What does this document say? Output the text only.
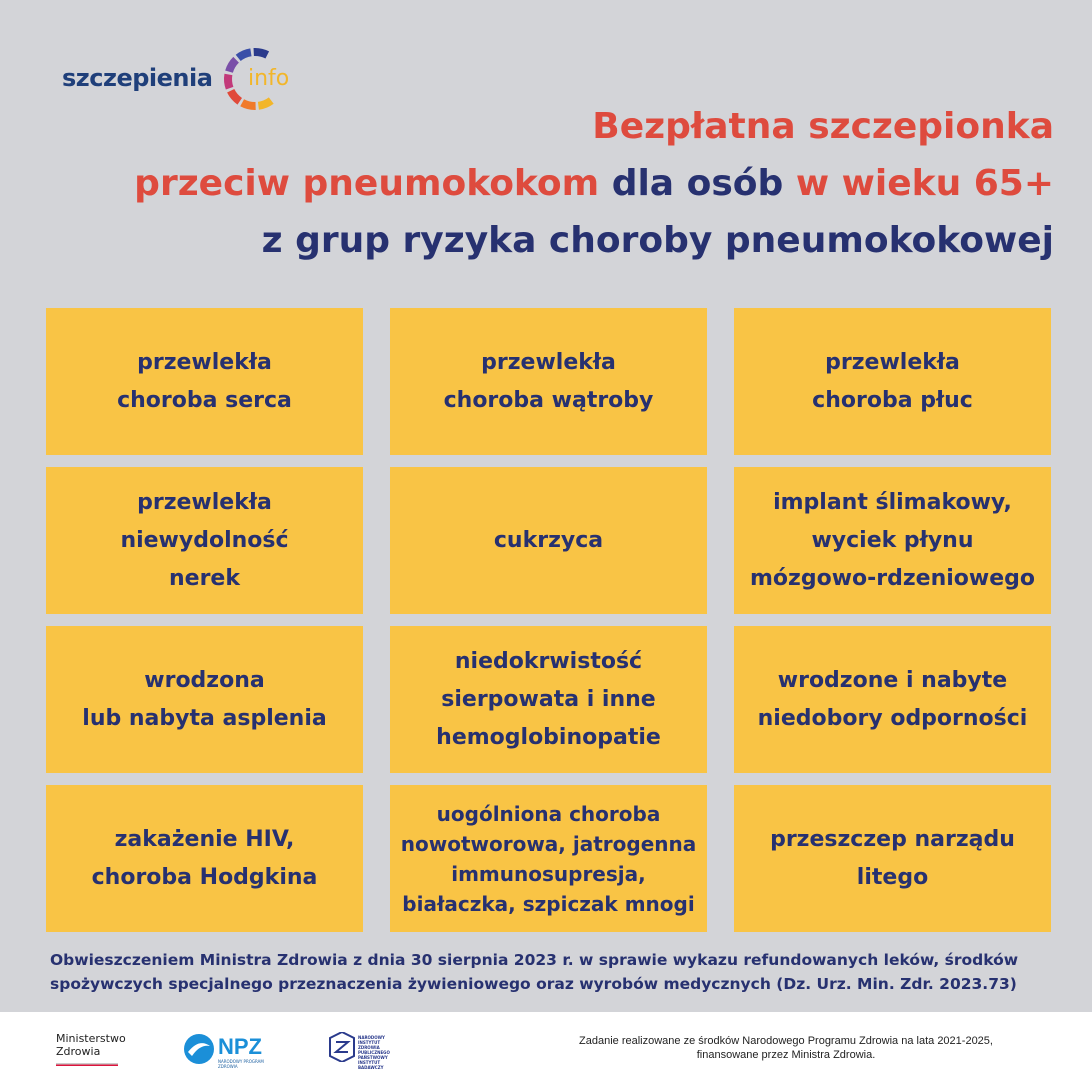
szczepienia info
Bezpłatna szczepionka
przeciw pneumokokom dla osób w wieku 65+
z grup ryzyka choroby pneumokokowej
przewlekła
choroba serca
przewlekła
choroba wątroby
przewlekła
choroba płuc
przewlekła
niewydolność
nerek
cukrzyca
implant ślimakowy,
wyciek płynu
mózgowo-rdzeniowego
wrodzona
lub nabyta asplenia
niedokrwistość
sierpowata i inne
hemoglobinopatie
wrodzone i nabyte
niedobory odporności
zakażenie HIV,
choroba Hodgkina
uogólniona choroba
nowotworowa, jatrogenna
immunosupresja,
białaczka, szpiczak mnogi
przeszczep narządu
litego
Obwieszczeniem Ministra Zdrowia z dnia 30 sierpnia 2023 r. w sprawie wykazu refundowanych leków, środków
spożywczych specjalnego przeznaczenia żywieniowego oraz wyrobów medycznych (Dz. Urz. Min. Zdr. 2023.73)
Ministerstwo
Zdrowia	NPZ
NARODOWY PROGRAM ZDROWIA
NARODOWY
INSTYTUT
ZDROWIA
PUBLICZNEGO
PAŃSTWOWY INSTYTUT
BADAWCZY
Zadanie realizowane ze środków Narodowego Programu Zdrowia na lata 2021-2025,
finansowane przez Ministra Zdrowia.
